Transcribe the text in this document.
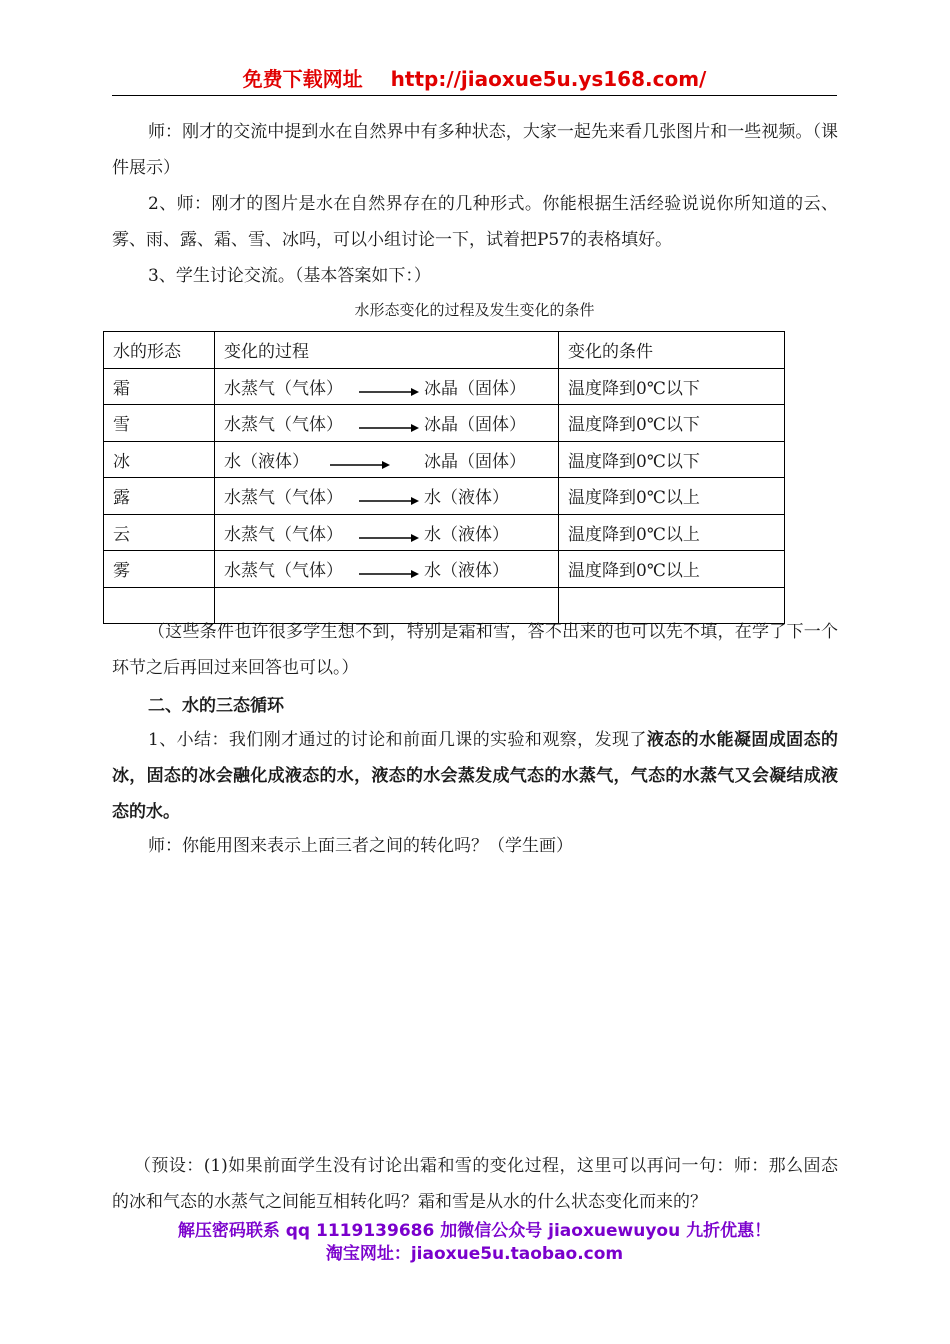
免费下载网址 http://jiaoxue5u.ys168.com/

师：刚才的交流中提到水在自然界中有多种状态，大家一起先来看几张图片和一些视频。（课件展示）

2、师：刚才的图片是水在自然界存在的几种形式。你能根据生活经验说说你所知道的云、雾、雨、露、霜、雪、冰吗，可以小组讨论一下，试着把P57的表格填好。

3、学生讨论交流。（基本答案如下：）

水形态变化的过程及发生变化的条件
水的形态	变化的过程	变化的条件
霜	水蒸气（气体） 冰晶（固体）	温度降到0℃以下
雪	水蒸气（气体） 冰晶（固体）	温度降到0℃以下
冰	水（液体） 冰晶（固体）	温度降到0℃以下
露	水蒸气（气体） 水（液体）	温度降到0℃以上
云	水蒸气（气体） 水（液体）	温度降到0℃以上
雾	水蒸气（气体） 水（液体）	温度降到0℃以上

（这些条件也许很多学生想不到，特别是霜和雪，答不出来的也可以先不填，在学了下一个环节之后再回过来回答也可以。）

二、水的三态循环

1、小结：我们刚才通过的讨论和前面几课的实验和观察，发现了液态的水能凝固成固态的冰，固态的冰会融化成液态的水，液态的水会蒸发成气态的水蒸气，气态的水蒸气又会凝结成液态的水。

师：你能用图来表示上面三者之间的转化吗？（学生画）

（预设：(1)如果前面学生没有讨论出霜和雪的变化过程，这里可以再问一句：师：那么固态的冰和气态的水蒸气之间能互相转化吗？霜和雪是从水的什么状态变化而来的？

解压密码联系 qq 1119139686 加微信公众号 jiaoxuewuyou 九折优惠！
淘宝网址：jiaoxue5u.taobao.com
